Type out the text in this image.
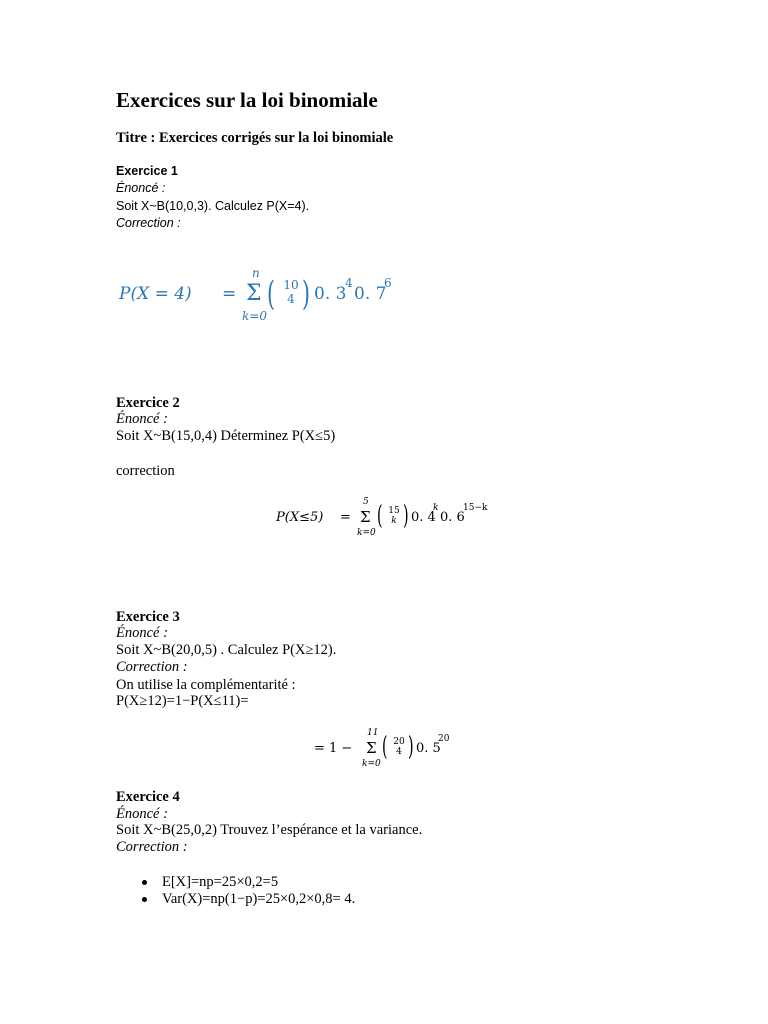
Exercices sur la loi binomiale
Titre : Exercices corrigés sur la loi binomiale
Exercice 1
Énoncé :
Soit X~B(10,0,3). Calculez P(X=4).
Correction :
P(X = 4) =
n
Σ
k=0
( 10
4 ) 0. 3
4
0. 7
6
Exercice 2
Énoncé :
Soit X~B(15,0,4) Déterminez P(X≤5)
correction
P(X≤5) =
5
Σ
k=0
( 15
k ) 0. 4
k
0. 6
15−k
Exercice 3
Énoncé :
Soit X~B(20,0,5) . Calculez P(X≥12).
Correction :
On utilise la complémentarité :
P(X≥12)=1−P(X≤11)=
= 1 −
11
Σ
k=0
( 20
4 ) 0. 5
20
Exercice 4
Énoncé :
Soit X~B(25,0,2) Trouvez l’espérance et la variance.
Correction :
E[X]=np=25×0,2=5
Var(X)=np(1−p)=25×0,2×0,8= 4.
